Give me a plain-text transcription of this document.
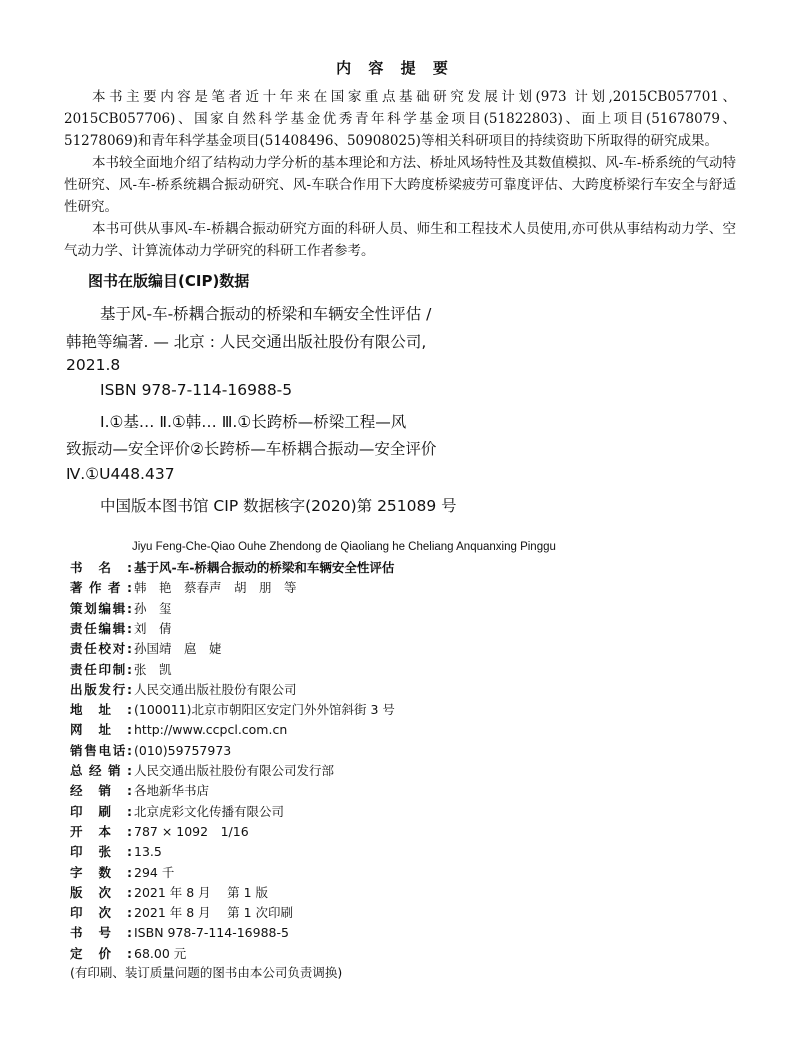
内 容 提 要
本书主要内容是笔者近十年来在国家重点基础研究发展计划(973 计划,2015CB057701、2015CB057706)、国家自然科学基金优秀青年科学基金项目(51822803)、面上项目(51678079、51278069)和青年科学基金项目(51408496、50908025)等相关科研项目的持续资助下所取得的研究成果。
本书较全面地介绍了结构动力学分析的基本理论和方法、桥址风场特性及其数值模拟、风-车-桥系统的气动特性研究、风-车-桥系统耦合振动研究、风-车联合作用下大跨度桥梁疲劳可靠度评估、大跨度桥梁行车安全与舒适性研究。
本书可供从事风-车-桥耦合振动研究方面的科研人员、师生和工程技术人员使用,亦可供从事结构动力学、空气动力学、计算流体动力学研究的科研工作者参考。
图书在版编目(CIP)数据
基于风-车-桥耦合振动的桥梁和车辆安全性评估 /
韩艳等编著. — 北京 : 人民交通出版社股份有限公司,
2021.8
ISBN 978-7-114-16988-5
Ⅰ.①基… Ⅱ.①韩… Ⅲ.①长跨桥—桥梁工程—风
致振动—安全评价②长跨桥—车桥耦合振动—安全评价
Ⅳ.①U448.437
中国版本图书馆 CIP 数据核字(2020)第 251089 号
Jiyu Feng-Che-Qiao Ouhe Zhendong de Qiaoliang he Cheliang Anquanxing Pinggu
书名: 基于风-车-桥耦合振动的桥梁和车辆安全性评估
著作者: 韩　艳　蔡春声　胡　朋　等
策划编辑: 孙　玺
责任编辑: 刘　倩
责任校对: 孙国靖　扈　婕
责任印制: 张　凯
出版发行: 人民交通出版社股份有限公司
地址: (100011)北京市朝阳区安定门外外馆斜街 3 号
网址: http://www.ccpcl.com.cn
销售电话: (010)59757973
总经销: 人民交通出版社股份有限公司发行部
经销: 各地新华书店
印刷: 北京虎彩文化传播有限公司
开本: 787 × 1092　1/16
印张: 13.5
字数: 294 千
版次: 2021 年 8 月　 第 1 版
印次: 2021 年 8 月　 第 1 次印刷
书号: ISBN 978-7-114-16988-5
定价: 68.00 元
(有印刷、装订质量问题的图书由本公司负责调换)
